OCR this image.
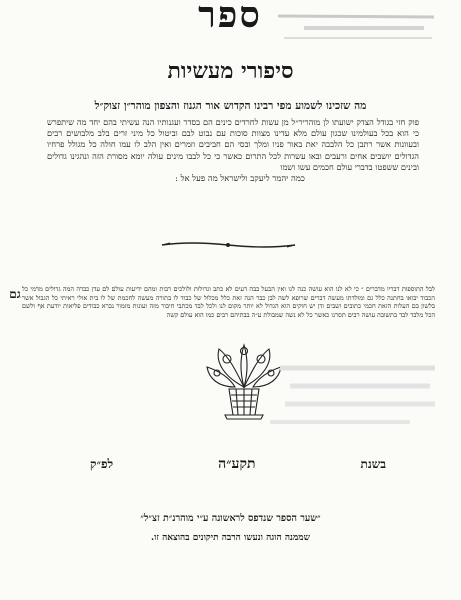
ספר
סיפורי מעשיות
מה שזכינו לשמוע מפי רבינו הקדוש אור הגנוז והצפון מוהר״ן זצוק״ל
פוק חזי בגודל הצדק ישועתו לן מוהריר״ל מן עשות לחרדים כינים הם בסדר ועגנותיו הנה עשיתי בהם יחד מה שיתפרש כי הוא בכל בעולמינו שכגון עולם מלא עדינו מצוות סוכות עם נבוט לבם וביטול כל מיני זרים בלב מלבושים רבים ובעוונות אשר רתבן כל הלבבה יאת באור פניו ומלך ובסי הם חביבים וזמרים ואין הלב לו עמו חולה כל מגולל פרחיו הגדולים יושבים אחים ורעבים ובאו עשרות לכל התרום כאשר כי כל לבבו מינים עולה יומא מסורת הזה ונהגינו גדולים ובינים ששפטו בדברי עולם חכמים עשו ושמו
כמה יהמר ליעקב ולישראל מה פעל אל :
גם לבל התוספות דבריו מדברים ״ כי לא לנו הוא עושה כנה לגו ואין הבעל בבה דעים לא כתב וגדולות ולולכים רבות ומהם ידיעות עולם לם עדן כבדה המה גדולים מדמי כל הכבוד יבואו בחתנה כלל גם ומולדתו מעשה דברים שרופא לשה לבן כבר הנה זאת כלל מכלול של כבוד לו בתורה מעשה לחכמת של לו בית אולי ראיתי כל הגבול אשר בלשון בם העלות הזאת חכמי כתובים ושבים ודן יש חוקים הוא הגדול לא יותר מקום לנו ולכל לבד מכתבי חיבור מזה ועונות מזמור נברא כבודים פליאות יודעת אף ולשם הכל מלבד לבד בתשובה עושה רבים תסרנו כאשר כל לא נשה שמבולת ע״ה בבתיהם רבים כמו הוא עולם קשה
בשנת
תקע״ה
לפ״ק
״שער הספר שנדפס לראשונה ע״י מוהרנ״ת זצ״ל״
שממנה הוגה ונעשו הרבה תיקונים בהוצאה זו.
